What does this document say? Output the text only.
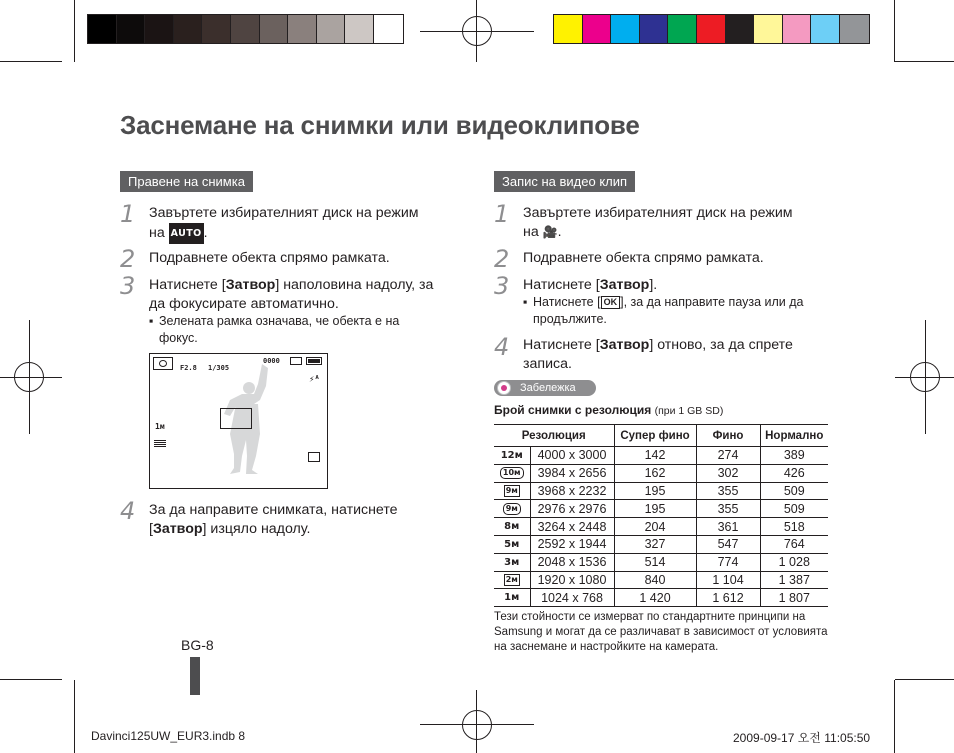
Заснемане на снимки или видеоклипове
Правене на снимка
1 Завъртете избирателният диск на режим
на AUTO .
2 Подравнете обекта спрямо рамката.
3 Натиснете [Затвор] наполовина надолу, за
да фокусирате автоматично.
▪ Зелената рамка означава, че обекта е на
фокус.
F2.8 1/305
0000
⚡ᴬ
1м
4 За да направите снимката, натиснете
[Затвор] изцяло надолу.
BG-8
Запис на видео клип
1 Завъртете избирателният диск на режим
на 🎥.
2 Подравнете обекта спрямо рамката.
3 Натиснете [Затвор].
▪ Натиснете [ OK ], за да направите пауза или да
продължите.
4 Натиснете [Затвор] отново, за да спрете
записа.
Забележка
Брой снимки с резолюция (при 1 GB SD)
Резолюция		Супер фино	Фино	Нормално
12м	4000 x 3000	142	274	389
10м	3984 x 2656	162	302	426
9м	3968 x 2232	195	355	509
9м	2976 x 2976	195	355	509
8м	3264 x 2448	204	361	518
5м	2592 x 1944	327	547	764
3м	2048 x 1536	514	774	1 028
2м	1920 x 1080	840	1 104	1 387
1м	1024 x 768	1 420	1 612	1 807
Тези стойности се измерват по стандартните принципи на Samsung и могат да се различават в зависимост от условията на заснемане и настройките на камерата.
Davinci125UW_EUR3.indb 8	2009-09-17 오전 11:05:50
